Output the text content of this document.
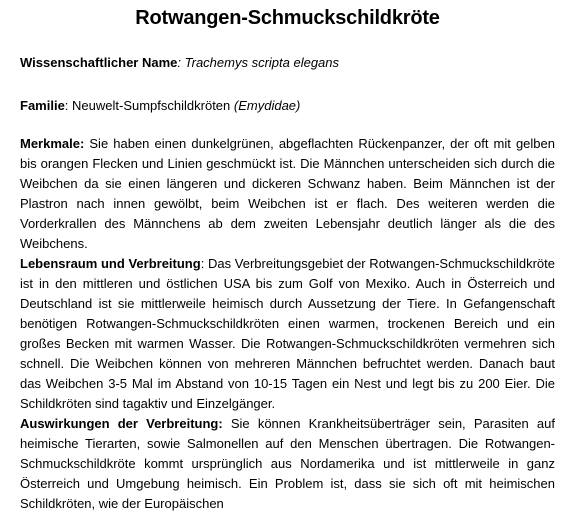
Rotwangen-Schmuckschildkröte

Wissenschaftlicher Name: Trachemys scripta elegans

Familie: Neuwelt-Sumpfschildkröten (Emydidae)

Merkmale: Sie haben einen dunkelgrünen, abgeflachten Rückenpanzer, der oft mit gelben bis orangen Flecken und Linien geschmückt ist. Die Männchen unterscheiden sich durch die Weibchen da sie einen längeren und dickeren Schwanz haben. Beim Männchen ist der Plastron nach innen gewölbt, beim Weibchen ist er flach. Des weiteren werden die Vorderkrallen des Männchens ab dem zweiten Lebensjahr deutlich länger als die des Weibchens.

Lebensraum und Verbreitung: Das Verbreitungsgebiet der Rotwangen-Schmuckschildkröte ist in den mittleren und östlichen USA bis zum Golf von Mexiko. Auch in Österreich und Deutschland ist sie mittlerweile heimisch durch Aussetzung der Tiere. In Gefangenschaft benötigen Rotwangen-Schmuckschildkröten einen warmen, trockenen Bereich und ein großes Becken mit warmen Wasser. Die Rotwangen-Schmuckschildkröten vermehren sich schnell. Die Weibchen können von mehreren Männchen befruchtet werden. Danach baut das Weibchen 3-5 Mal im Abstand von 10-15 Tagen ein Nest und legt bis zu 200 Eier. Die Schildkröten sind tagaktiv und Einzelgänger.

Auswirkungen der Verbreitung: Sie können Krankheitsüberträger sein, Parasiten auf heimische Tierarten, sowie Salmonellen auf den Menschen übertragen. Die Rotwangen-Schmuckschildkröte kommt ursprünglich aus Nordamerika und ist mittlerweile in ganz Österreich und Umgebung heimisch. Ein Problem ist, dass sie sich oft mit heimischen Schildkröten, wie der Europäischen
